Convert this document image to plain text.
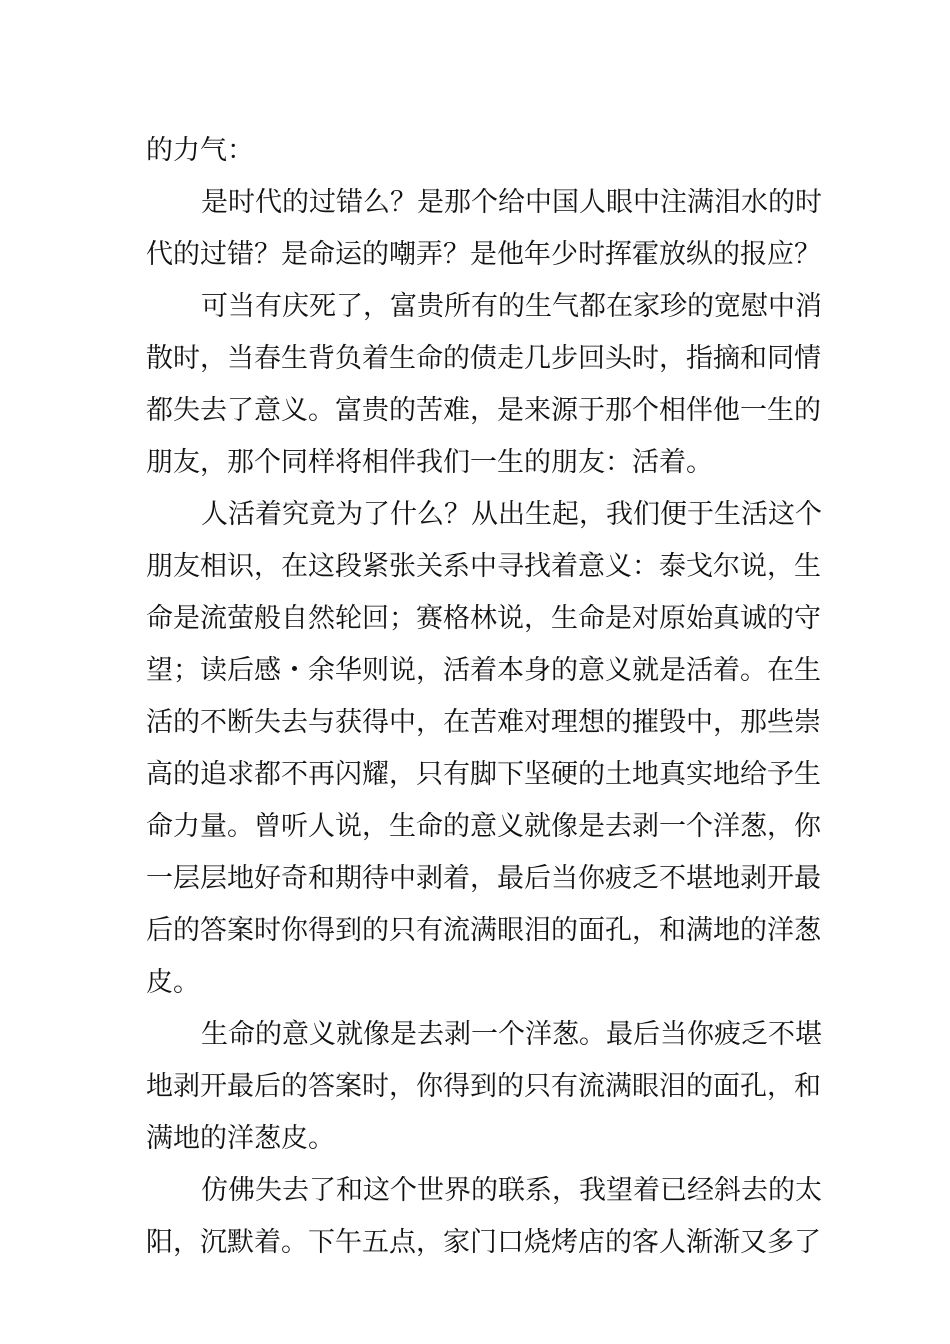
的力气：
是时代的过错么？是那个给中国人眼中注满泪水的时
代的过错？是命运的嘲弄？是他年少时挥霍放纵的报应？
可当有庆死了，富贵所有的生气都在家珍的宽慰中消
散时，当春生背负着生命的债走几步回头时，指摘和同情
都失去了意义。富贵的苦难，是来源于那个相伴他一生的
朋友，那个同样将相伴我们一生的朋友：活着。
人活着究竟为了什么？从出生起，我们便于生活这个
朋友相识，在这段紧张关系中寻找着意义：泰戈尔说，生
命是流萤般自然轮回；赛格林说，生命是对原始真诚的守
望；读后感・余华则说，活着本身的意义就是活着。在生
活的不断失去与获得中，在苦难对理想的摧毁中，那些崇
高的追求都不再闪耀，只有脚下坚硬的土地真实地给予生
命力量。曾听人说，生命的意义就像是去剥一个洋葱，你
一层层地好奇和期待中剥着，最后当你疲乏不堪地剥开最
后的答案时你得到的只有流满眼泪的面孔，和满地的洋葱
皮。
生命的意义就像是去剥一个洋葱。最后当你疲乏不堪
地剥开最后的答案时，你得到的只有流满眼泪的面孔，和
满地的洋葱皮。
仿佛失去了和这个世界的联系，我望着已经斜去的太
阳，沉默着。下午五点，家门口烧烤店的客人渐渐又多了
